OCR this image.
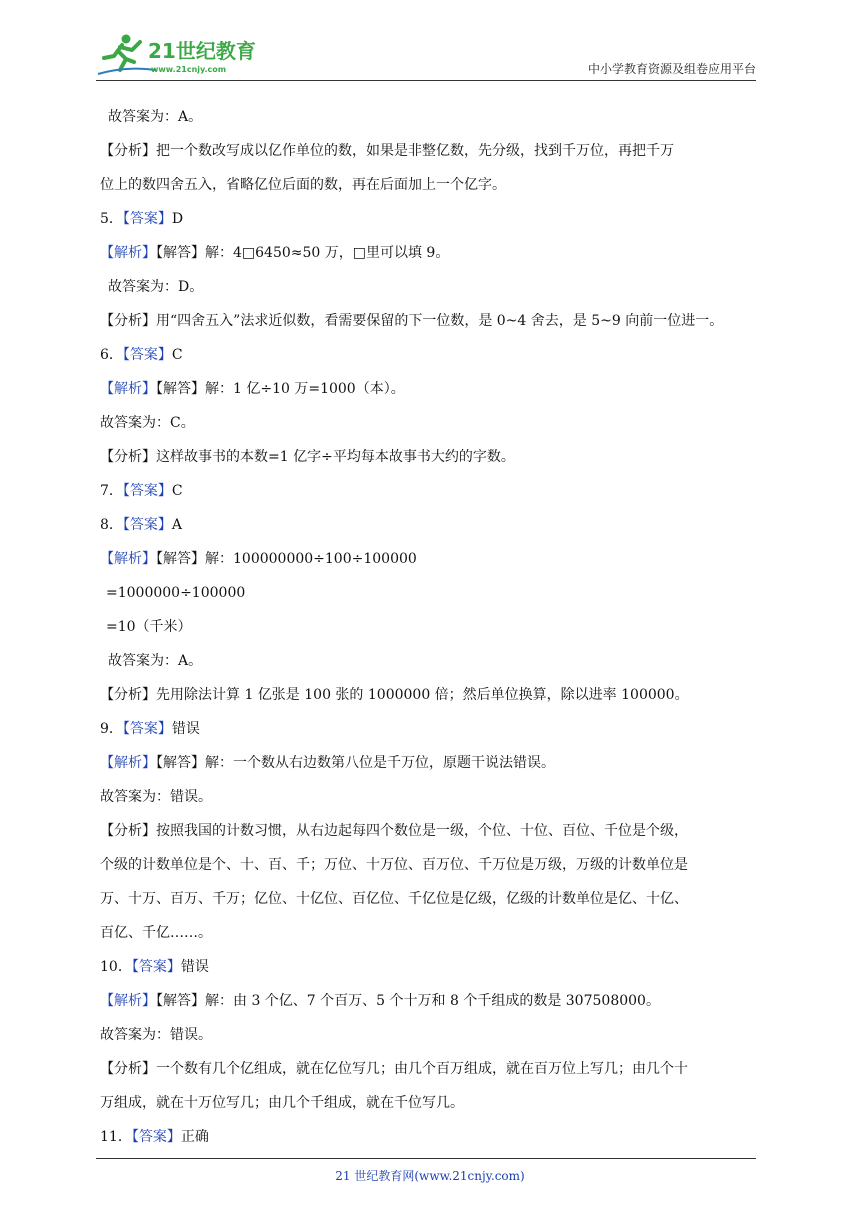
21世纪教育
www.21cnjy.com	中小学教育资源及组卷应用平台
故答案为：A。
【分析】把一个数改写成以亿作单位的数，如果是非整亿数，先分级，找到千万位，再把千万
位上的数四舍五入，省略亿位后面的数，再在后面加上一个亿字。
5．【答案】D
【解析】【解答】解：4□6450≈50 万，□里可以填 9。
故答案为：D。
【分析】用“四舍五入”法求近似数，看需要保留的下一位数，是 0~4 舍去，是 5~9 向前一位进一。
6．【答案】C
【解析】【解答】解：1 亿÷10 万=1000（本）。
故答案为：C。
【分析】这样故事书的本数=1 亿字÷平均每本故事书大约的字数。
7．【答案】C
8．【答案】A
【解析】【解答】解：100000000÷100÷100000
=1000000÷100000
=10（千米）
故答案为：A。
【分析】先用除法计算 1 亿张是 100 张的 1000000 倍；然后单位换算，除以进率 100000。
9．【答案】错误
【解析】【解答】解：一个数从右边数第八位是千万位，原题干说法错误。
故答案为：错误。
【分析】按照我国的计数习惯，从右边起每四个数位是一级，个位、十位、百位、千位是个级，
个级的计数单位是个、十、百、千；万位、十万位、百万位、千万位是万级，万级的计数单位是
万、十万、百万、千万；亿位、十亿位、百亿位、千亿位是亿级，亿级的计数单位是亿、十亿、
百亿、千亿……。
10．【答案】错误
【解析】【解答】解：由 3 个亿、7 个百万、5 个十万和 8 个千组成的数是 307508000。
故答案为：错误。
【分析】一个数有几个亿组成，就在亿位写几；由几个百万组成，就在百万位上写几；由几个十
万组成，就在十万位写几；由几个千组成，就在千位写几。
11．【答案】正确
21 世纪教育网(www.21cnjy.com)
